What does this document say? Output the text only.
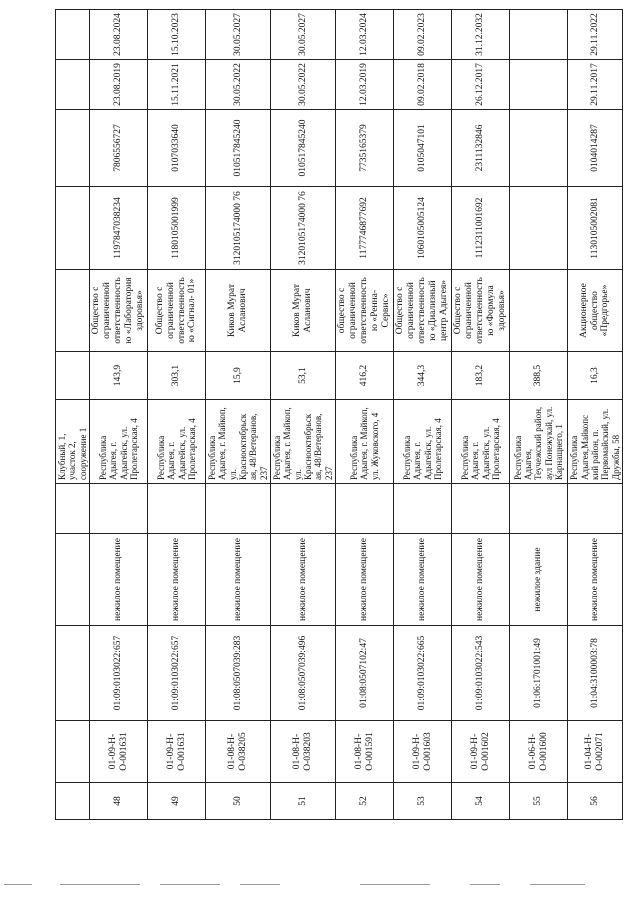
					Клубный, 1, участок 2, сооружение 1						
48	01-09-Н-О-001631	01:09:0103022:657	нежилое помещение		Республика Адыгея, г. Адыгейск, ул. Пролетарская, 4	143,9	Общество с ограниченной ответственность ю «Лаборатория здоровья»	1197847038234	7806556727	23.08.2019	23.08.2024
49	01-09-Н-О-001631	01:09:0103022:657	нежилое помещение		Республика Адыгея, г. Адыгейск, ул. Пролетарская, 4	303,1	Общество с ограниченной ответственность ю «Сигнал- 01»	1180105001999	0107033640	15.11.2021	15.10.2023
50	01-08-Н-О-038205	01:08:0507039:283	нежилое помещение		Республика Адыгея, г. Майкоп, ул. Краснооктябрьск ая, 48/Ветеранов, 237	15,9	Киков Мурат Асланович	3120105174000 76	010517845240	30.05.2022	30.05.2027
51	01-08-Н-О-038203	01:08:0507039:496	нежилое помещение		Республика Адыгея, г. Майкоп, ул. Краснооктябрьск ая, 48/Ветеранов, 237	53,1	Киков Мурат Асланович	3120105174000 76	010517845240	30.05.2022	30.05.2027
52	01-08-Н-О-001591	01:08:0507102:47	нежилое помещение		Республика Адыгея, г. Майкоп, ул. Жуковского, 4	416,2	общество с ограниченной ответственность ю «Ренна-Сервис»	1177746877692	7735165379	12.03.2019	12.03.2024
53	01-09-Н-О-001603	01:09:0103022:665	нежилое помещение		Республика Адыгея, г. Адыгейск, ул. Пролетарская, 4	344,3	Общество с ограниченной ответственность ю «Диализный центр Адыгея»	1060105005124	0105047101	09.02.2018	09.02.2023
54	01-09-Н-О-001602	01:09:0103022:543	нежилое помещение		Республика Адыгея, г. Адыгейск, ул. Пролетарская, 4	183,2	Общество с ограниченной ответственность ю «Формула здоровья»	1112311001692	2311132846	26.12.2017	31.12.2032
55	01-06-Н-О-001600	01:06:1701001:49	нежилое здание		Республика Адыгея, Теучежский район, аул Понежукай, ул. Карнащнего, 1	388,5					
56	01-04-Н-О-002071	01:04:3100003:78	нежилое помещение		Республика Адыгея,Майкопс кий район, п. Первомайский, ул. Дружбы, 58	16,3	Акционерное общество «Предгорье»	1130105002081	0104014287	29.11.2017	29.11.2022
